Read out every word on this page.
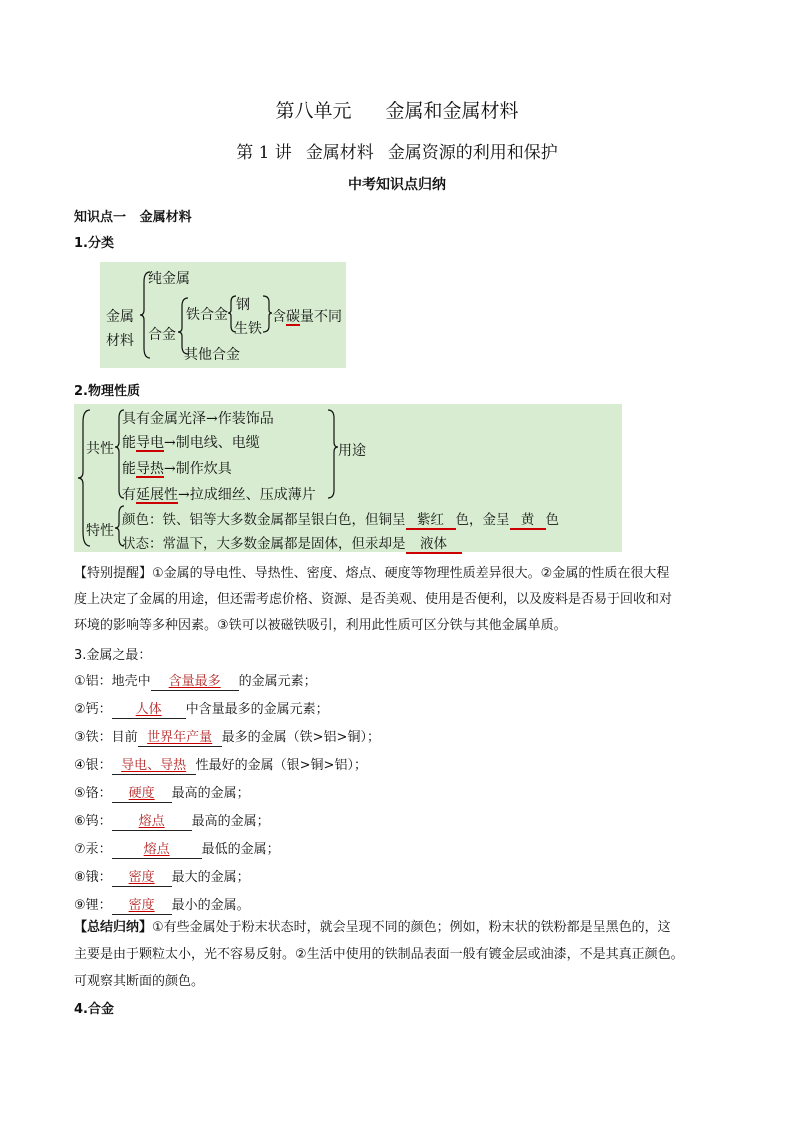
第八单元 金属和金属材料
第 1 讲 金属材料 金属资源的利用和保护
中考知识点归纳
知识点一 金属材料
1.分类
金属
材料
纯金属
合金
铁合金
钢
生铁
含碳量不同
其他合金
2.物理性质
共性
特性
用途
具有金属光泽→作装饰品
能导电→制电线、电缆
能导热→制作炊具
有延展性→拉成细丝、压成薄片
颜色：铁、铝等大多数金属都呈银白色，但铜呈 紫红 色，金呈 黄 色
状态：常温下，大多数金属都是固体，但汞却是 液体
【特别提醒】①金属的导电性、导热性、密度、熔点、硬度等物理性质差异很大。②金属的性质在很大程
度上决定了金属的用途，但还需考虑价格、资源、是否美观、使用是否便利，以及废料是否易于回收和对
环境的影响等多种因素。③铁可以被磁铁吸引，利用此性质可区分铁与其他金属单质。
3.金属之最：
①铝：地壳中 含量最多 的金属元素；
②钙： 人体 中含量最多的金属元素；
③铁：目前 世界年产量 最多的金属（铁>铝>铜）；
④银： 导电、导热 性最好的金属（银>铜>铝）；
⑤铬： 硬度 最高的金属；
⑥钨： 熔点 最高的金属；
⑦汞： 熔点 最低的金属；
⑧锇： 密度 最大的金属；
⑨锂： 密度 最小的金属。
【总结归纳】①有些金属处于粉末状态时，就会呈现不同的颜色；例如，粉末状的铁粉都是呈黑色的，这
主要是由于颗粒太小，光不容易反射。②生活中使用的铁制品表面一般有镀金层或油漆，不是其真正颜色。
可观察其断面的颜色。
4.合金
